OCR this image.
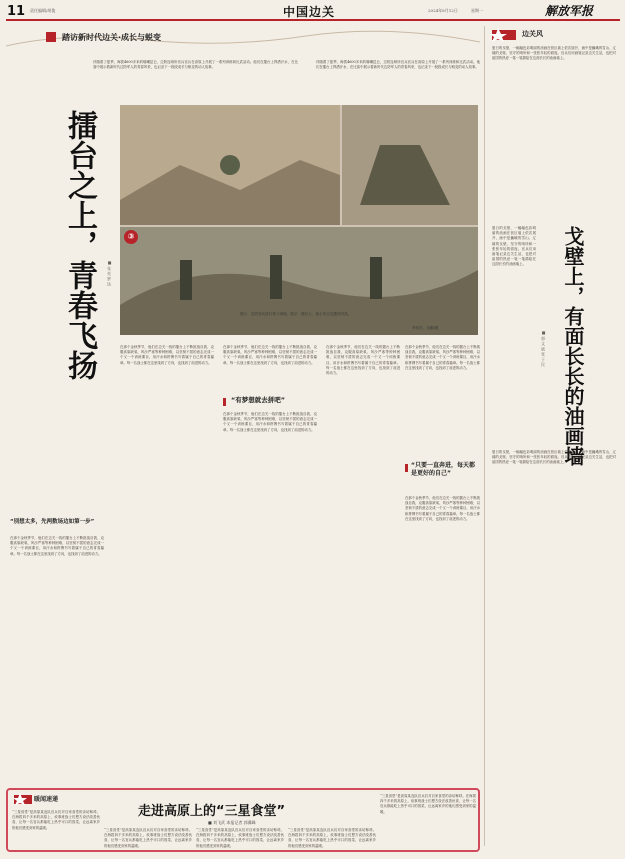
11 责任编辑/胡俊	中国边关	2024年8月12日	星期一	解放军报
踏访新时代边关·成长与蜕变
伴随着了夏季，海拔4600多米的喀喇昆仑，边防连哨所官兵官兵在高原上开展了一系列训练和比武活动。他们在擂台上挥洒汗水，在比赛中展示着新时代边防军人的青春风采，也记录下一段段成长与蜕变的动人故事。
伴随着了夏季，海拔4600多米的喀喇昆仑，边防连哨所官兵官兵在高原上开展了一系列训练和比武活动。他们在擂台上挥洒汗水，在比赛中展示着新时代边防军人的青春风采，也记录下一段段成长与蜕变的动人故事。
擂台之上，青春飞扬
■ 张 亮 罗 达
③
图①：边防官兵进行格斗训练。图②：擂台上，战士们正在激烈对抗。
李伟东、吴鹏/摄
“别想太多，先两数场边如第一步”
在那个金秋季节，他们在边关一线的擂台上不断挑战自我，克服高原缺氧、风沙严寒等种种困难，以坚韧不拔的意志完成一个又一个训练课目，用汗水和拼搏书写着属于自己的青春篇章。每一名战士都在这里找到了方向，也找到了前进的动力。
在那个金秋季节，他们在边关一线的擂台上不断挑战自我，克服高原缺氧、风沙严寒等种种困难，以坚韧不拔的意志完成一个又一个训练课目，用汗水和拼搏书写着属于自己的青春篇章。每一名战士都在这里找到了方向，也找到了前进的动力。
在那个金秋季节，他们在边关一线的擂台上不断挑战自我，克服高原缺氧、风沙严寒等种种困难，以坚韧不拔的意志完成一个又一个训练课目，用汗水和拼搏书写着属于自己的青春篇章。每一名战士都在这里找到了方向，也找到了前进的动力。
“有梦想就去拼吧”
在那个金秋季节，他们在边关一线的擂台上不断挑战自我，克服高原缺氧、风沙严寒等种种困难，以坚韧不拔的意志完成一个又一个训练课目，用汗水和拼搏书写着属于自己的青春篇章。每一名战士都在这里找到了方向，也找到了前进的动力。
在那个金秋季节，他们在边关一线的擂台上不断挑战自我，克服高原缺氧、风沙严寒等种种困难，以坚韧不拔的意志完成一个又一个训练课目，用汗水和拼搏书写着属于自己的青春篇章。每一名战士都在这里找到了方向，也找到了前进的动力。
在那个金秋季节，他们在边关一线的擂台上不断挑战自我，克服高原缺氧、风沙严寒等种种困难，以坚韧不拔的意志完成一个又一个训练课目，用汗水和拼搏书写着属于自己的青春篇章。每一名战士都在这里找到了方向，也找到了前进的动力。
“只要一直奔进，每天都是更好的自己”
在那个金秋季节，他们在边关一线的擂台上不断挑战自我，克服高原缺氧、风沙严寒等种种困难，以坚韧不拔的意志完成一个又一个训练课目，用汗水和拼搏书写着属于自己的青春篇章。每一名战士都在这里找到了方向，也找到了前进的动力。
边关风
夏日的戈壁，一幅幅色彩明丽的油画在营区墙上依次展开，画中是巍峨的雪山、辽阔的戈壁、坚守的哨所和一张张年轻的面庞。官兵们用画笔记录边关生活，也把对祖国的热爱一笔一笔描绘在这面长长的油画墙上。
戈壁上，有面长长的油画墙
■ 郭 文 斌 张 子 民
夏日的戈壁，一幅幅色彩明丽的油画在营区墙上依次展开，画中是巍峨的雪山、辽阔的戈壁、坚守的哨所和一张张年轻的面庞。官兵们用画笔记录边关生活，也把对祖国的热爱一笔一笔描绘在这面长长的油画墙上。
夏日的戈壁，一幅幅色彩明丽的油画在营区墙上依次展开，画中是巍峨的雪山、辽阔的戈壁、坚守的哨所和一张张年轻的面庞。官兵们用画笔记录边关生活，也把对祖国的热爱一笔一笔描绘在这面长长的油画墙上。
暖闻速递
走进高原上的“三星食堂”
■ 刘飞武 本报记者 郭冀峰
“三星食堂”是高原某连队官兵们对自家食堂的亲切称呼。在海拔四千多米的高原上，炊事班战士们想方设法改善伙食，让每一名官兵都能吃上热乎可口的饭菜，让远离家乡的他们感受到家的温暖。
“三星食堂”是高原某连队官兵们对自家食堂的亲切称呼。在海拔四千多米的高原上，炊事班战士们想方设法改善伙食，让每一名官兵都能吃上热乎可口的饭菜，让远离家乡的他们感受到家的温暖。
“三星食堂”是高原某连队官兵们对自家食堂的亲切称呼。在海拔四千多米的高原上，炊事班战士们想方设法改善伙食，让每一名官兵都能吃上热乎可口的饭菜，让远离家乡的他们感受到家的温暖。
“三星食堂”是高原某连队官兵们对自家食堂的亲切称呼。在海拔四千多米的高原上，炊事班战士们想方设法改善伙食，让每一名官兵都能吃上热乎可口的饭菜，让远离家乡的他们感受到家的温暖。
“三星食堂”是高原某连队官兵们对自家食堂的亲切称呼。在海拔四千多米的高原上，炊事班战士们想方设法改善伙食，让每一名官兵都能吃上热乎可口的饭菜，让远离家乡的他们感受到家的温暖。
